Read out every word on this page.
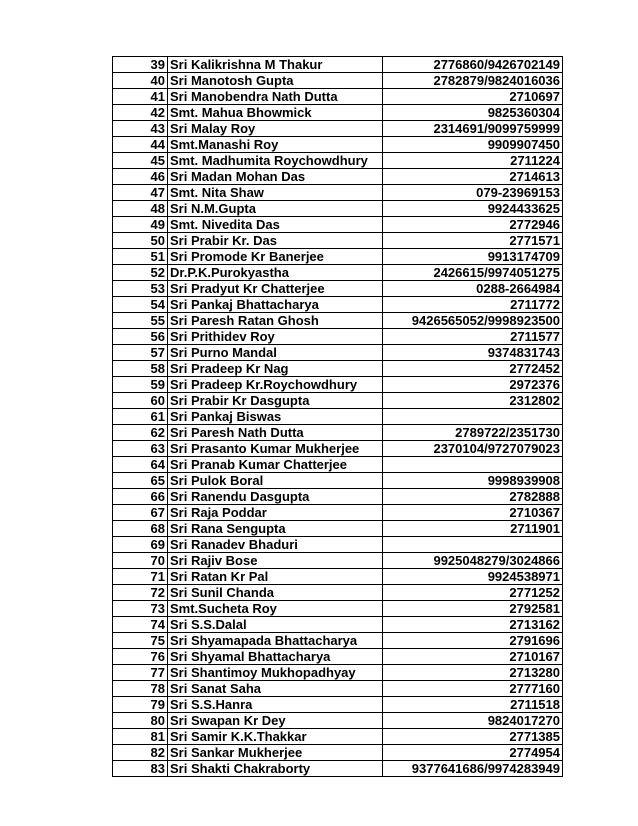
39	Sri Kalikrishna M Thakur	2776860/9426702149
40	Sri Manotosh Gupta	2782879/9824016036
41	Sri Manobendra Nath Dutta	2710697
42	Smt. Mahua Bhowmick	9825360304
43	Sri Malay Roy	2314691/9099759999
44	Smt.Manashi Roy	9909907450
45	Smt. Madhumita Roychowdhury	2711224
46	Sri Madan Mohan Das	2714613
47	Smt. Nita Shaw	079-23969153
48	Sri N.M.Gupta	9924433625
49	Smt. Nivedita Das	2772946
50	Sri Prabir Kr. Das	2771571
51	Sri Promode Kr Banerjee	9913174709
52	Dr.P.K.Purokyastha	2426615/9974051275
53	Sri Pradyut Kr Chatterjee	0288-2664984
54	Sri Pankaj Bhattacharya	2711772
55	Sri Paresh Ratan Ghosh	9426565052/9998923500
56	Sri Prithidev Roy	2711577
57	Sri Purno Mandal	9374831743
58	Sri Pradeep Kr Nag	2772452
59	Sri Pradeep Kr.Roychowdhury	2972376
60	Sri Prabir Kr Dasgupta	2312802
61	Sri Pankaj Biswas	
62	Sri Paresh Nath Dutta	2789722/2351730
63	Sri Prasanto Kumar Mukherjee	2370104/9727079023
64	Sri Pranab Kumar Chatterjee	
65	Sri Pulok Boral	9998939908
66	Sri Ranendu Dasgupta	2782888
67	Sri Raja Poddar	2710367
68	Sri Rana Sengupta	2711901
69	Sri Ranadev Bhaduri	
70	Sri Rajiv Bose	9925048279/3024866
71	Sri Ratan Kr Pal	9924538971
72	Sri Sunil Chanda	2771252
73	Smt.Sucheta Roy	2792581
74	Sri S.S.Dalal	2713162
75	Sri Shyamapada Bhattacharya	2791696
76	Sri Shyamal Bhattacharya	2710167
77	Sri Shantimoy Mukhopadhyay	2713280
78	Sri Sanat Saha	2777160
79	Sri S.S.Hanra	2711518
80	Sri Swapan Kr Dey	9824017270
81	Sri Samir K.K.Thakkar	2771385
82	Sri Sankar Mukherjee	2774954
83	Sri Shakti Chakraborty	9377641686/9974283949
